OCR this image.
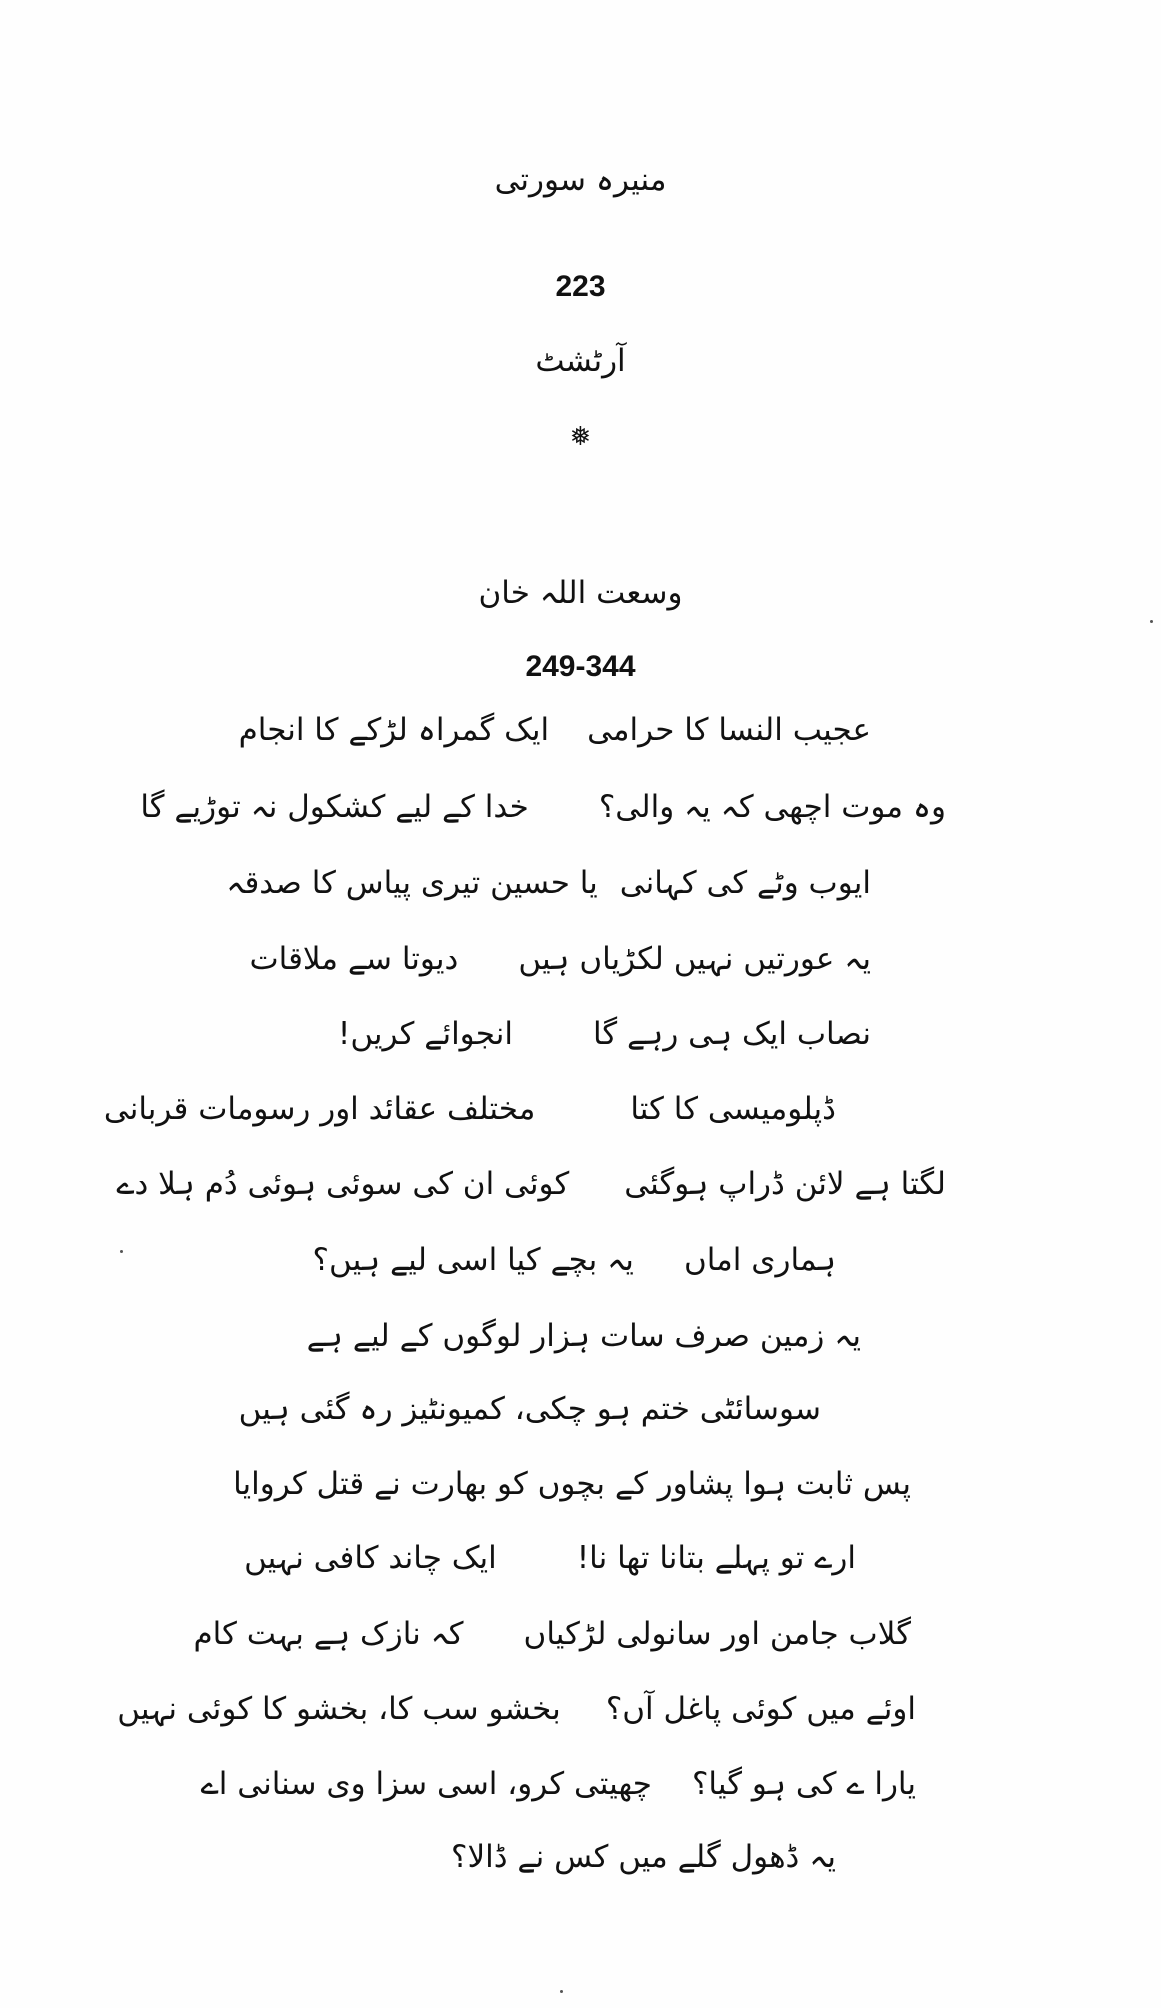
منیرہ سورتی
223
آرٹشٹ
❅
وسعت اللہ خان
249-344
عجیب النسا کا حرامیایک گمراہ لڑکے کا انجام
وہ موت اچھی کہ یہ والی؟خدا کے لیے کشکول نہ توڑیے گا
ایوب وٹے کی کہانییا حسین تیری پیاس کا صدقہ
یہ عورتیں نہیں لکڑیاں ہیںدیوتا سے ملاقات
نصاب ایک ہی رہے گاانجوائے کریں!
ڈپلومیسی کا کتامختلف عقائد اور رسومات قربانی
لگتا ہے لائن ڈراپ ہوگئیکوئی ان کی سوئی ہوئی دُم ہلا دے
ہماری اماںیہ بچے کیا اسی لیے ہیں؟
یہ زمین صرف سات ہزار لوگوں کے لیے ہے
سوسائٹی ختم ہو چکی، کمیونٹیز رہ گئی ہیں
پس ثابت ہوا پشاور کے بچوں کو بھارت نے قتل کروایا
ارے تو پہلے بتانا تھا نا!ایک چاند کافی نہیں
گلاب جامن اور سانولی لڑکیاںکہ نازک ہے بہت کام
اوئے میں کوئی پاغل آں؟بخشو سب کا، بخشو کا کوئی نہیں
یارا ے کی ہو گیا؟چھیتی کرو، اسی سزا وی سنانی اے
یہ ڈھول گلے میں کس نے ڈالا؟
